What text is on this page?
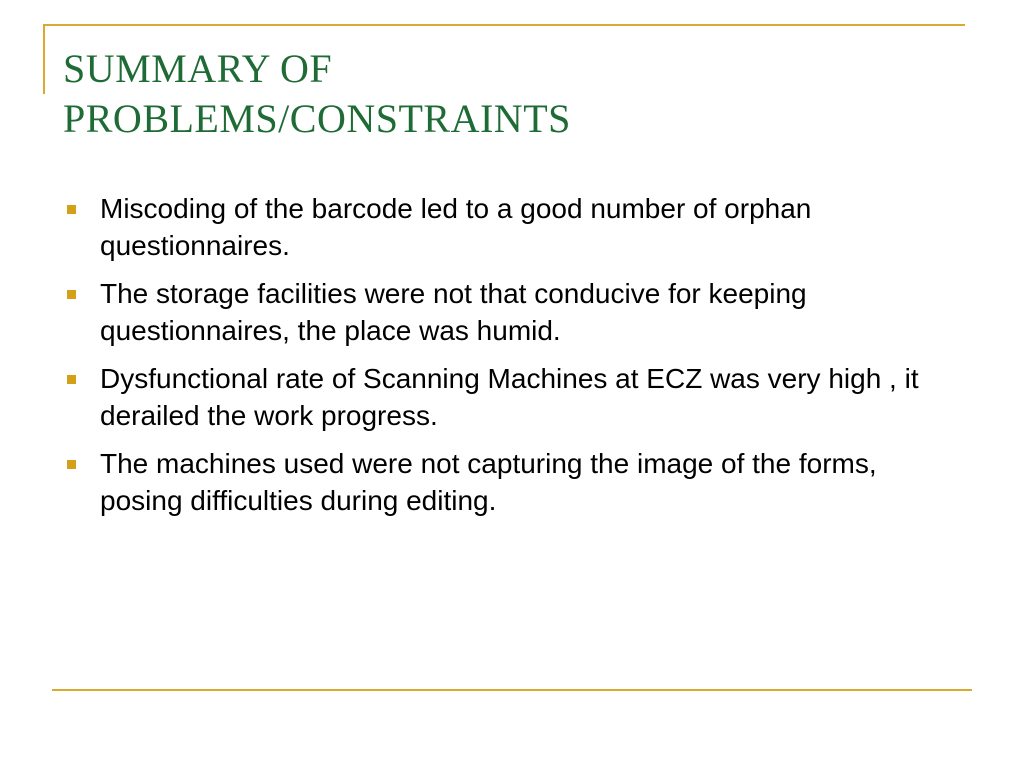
SUMMARY OF
PROBLEMS/CONSTRAINTS
Miscoding of the barcode led to a good number of orphan questionnaires.
The storage facilities were not that conducive for keeping questionnaires, the place was humid.
Dysfunctional rate of Scanning Machines at ECZ was very high , it derailed the work progress.
The machines used were not capturing the image of the forms, posing difficulties during editing.
